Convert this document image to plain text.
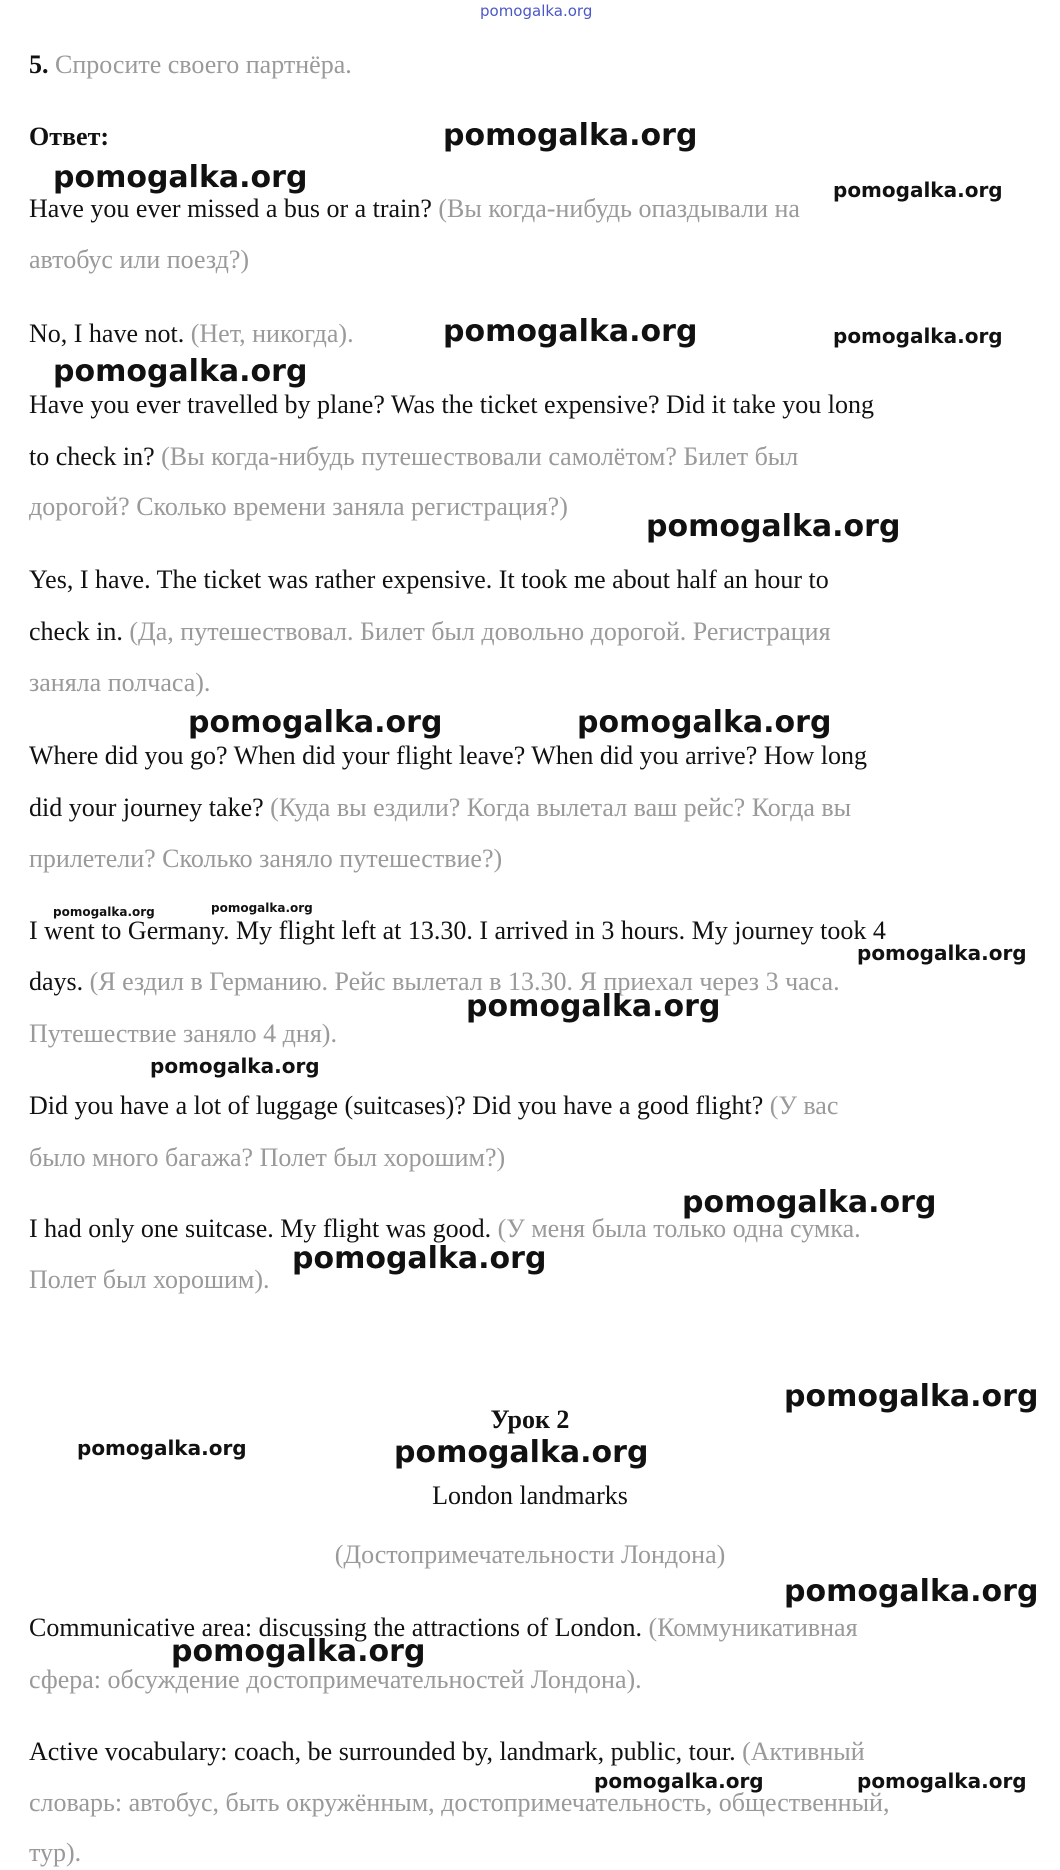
pomogalka.org
5. Спросите своего партнёра.
Ответ:
Have you ever missed a bus or a train? (Вы когда-нибудь опаздывали на
автобус или поезд?)
No, I have not. (Нет, никогда).
Have you ever travelled by plane? Was the ticket expensive? Did it take you long
to check in? (Вы когда-нибудь путешествовали самолётом? Билет был
дорогой? Сколько времени заняла регистрация?)
Yes, I have. The ticket was rather expensive. It took me about half an hour to
check in. (Да, путешествовал. Билет был довольно дорогой. Регистрация
заняла полчаса).
Where did you go? When did your flight leave? When did you arrive? How long
did your journey take? (Куда вы ездили? Когда вылетал ваш рейс? Когда вы
прилетели? Сколько заняло путешествие?)
I went to Germany. My flight left at 13.30. I arrived in 3 hours. My journey took 4
days. (Я ездил в Германию. Рейс вылетал в 13.30. Я приехал через 3 часа.
Путешествие заняло 4 дня).
Did you have a lot of luggage (suitcases)? Did you have a good flight? (У вас
было много багажа? Полет был хорошим?)
I had only one suitcase. My flight was good. (У меня была только одна сумка.
Полет был хорошим).
Урок 2
London landmarks
(Достопримечательности Лондона)
Communicative area: discussing the attractions of London. (Коммуникативная
сфера: обсуждение достопримечательностей Лондона).
Active vocabulary: coach, be surrounded by, landmark, public, tour. (Активный
словарь: автобус, быть окружённым, достопримечательность, общественный,
тур).
pomogalka.org
pomogalka.org	pomogalka.org
pomogalka.org	pomogalka.org
pomogalka.org
pomogalka.org
pomogalka.org	pomogalka.org
pomogalka.org	pomogalka.org
pomogalka.org
pomogalka.org
pomogalka.org
pomogalka.org
pomogalka.org
pomogalka.org
pomogalka.org	pomogalka.org
pomogalka.org
pomogalka.org
pomogalka.org	pomogalka.org
